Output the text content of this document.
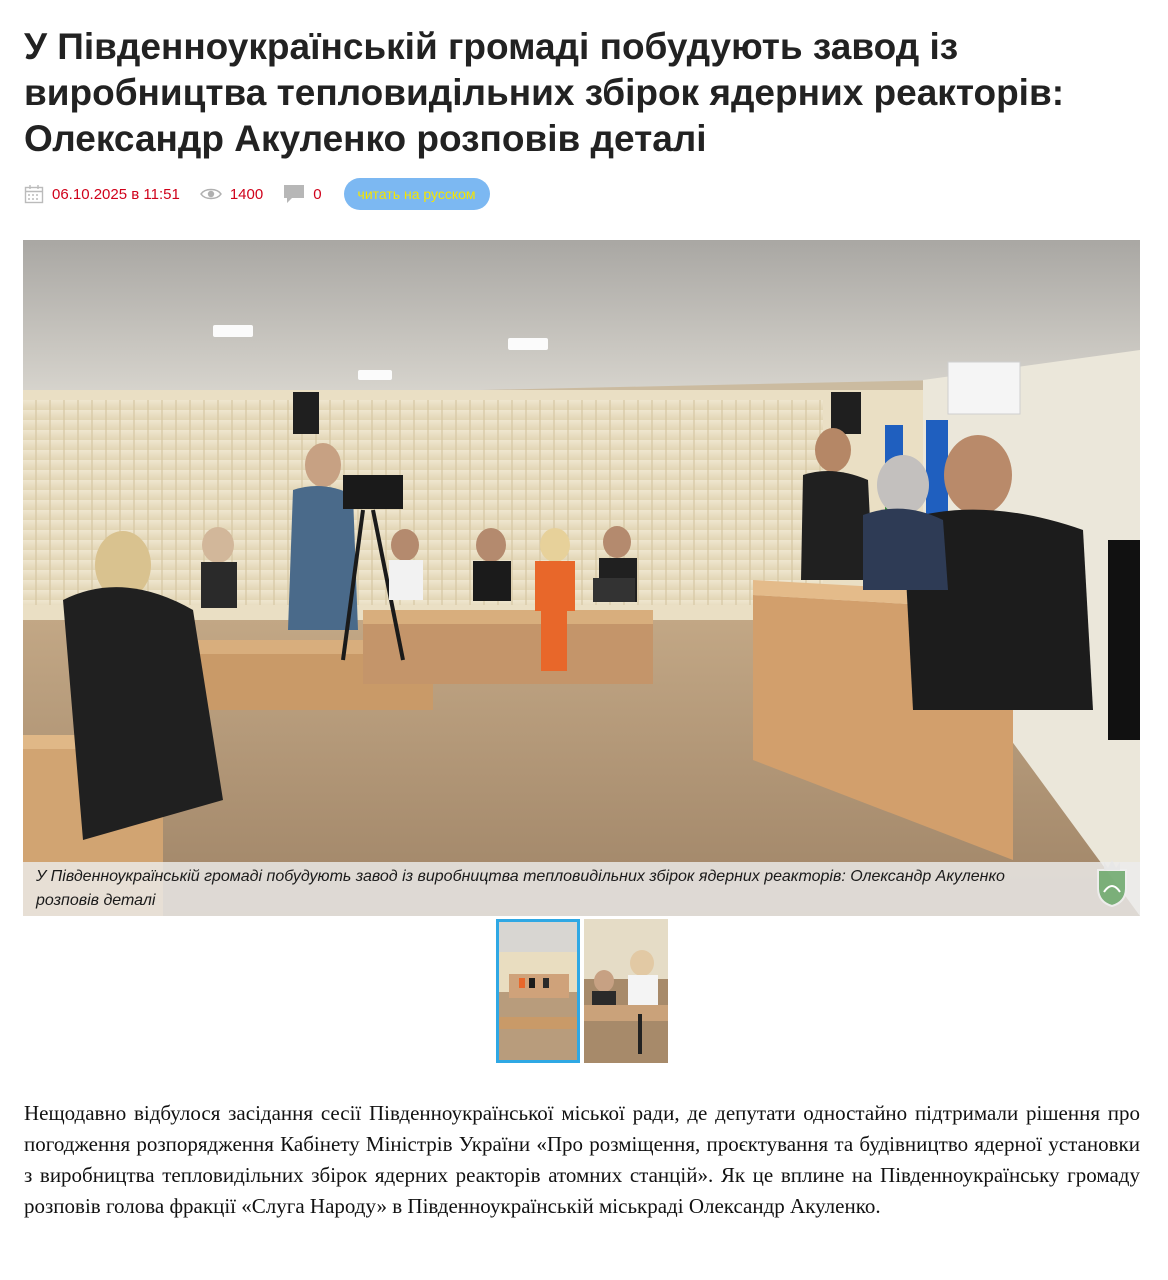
У Південноукраїнській громаді побудують завод із виробництва тепловидільних збірок ядерних реакторів: Олександр Акуленко розповів деталі
06.10.2025 в 11:51	1400	0	читать на русском
У Південноукраїнській громаді побудують завод із виробництва тепловидільних збірок ядерних реакторів: Олександр Акуленко розповів деталі

Нещодавно відбулося засідання сесії Південноукраїнської міської ради, де депутати одностайно підтримали рішення про погодження розпорядження Кабінету Міністрів України «Про розміщення, проєктування та будівництво ядерної установки з виробництва тепловидільних збірок ядерних реакторів атомних станцій». Як це вплине на Південноукраїнську громаду розповів голова фракції «Слуга Народу» в Південноукраїнській міськраді Олександр Акуленко.
